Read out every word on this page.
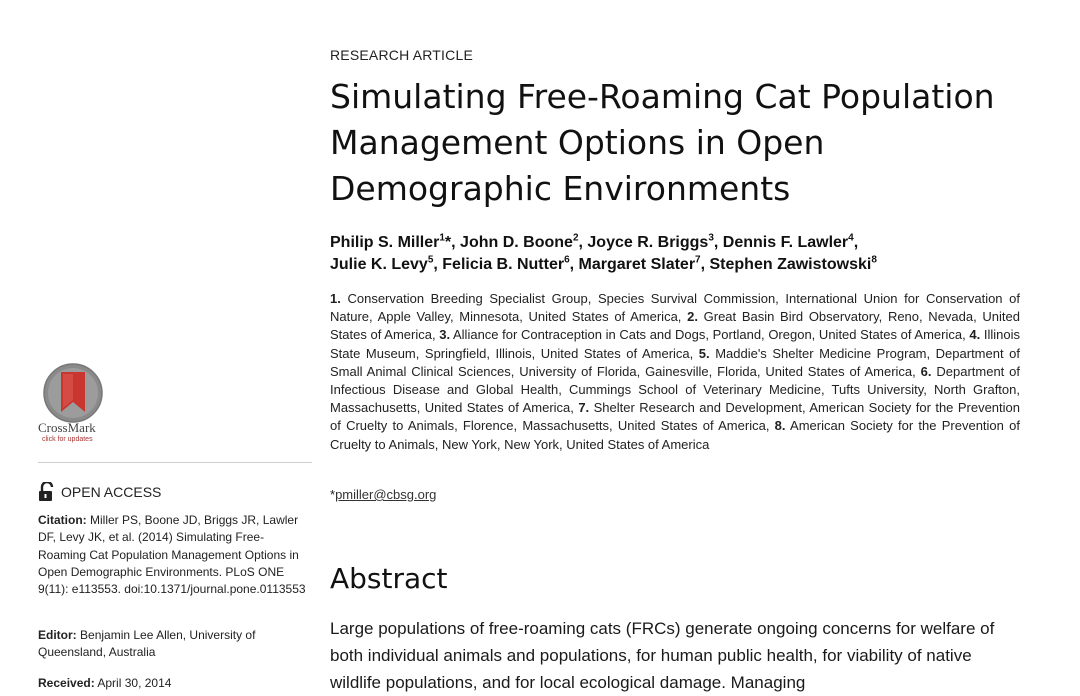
RESEARCH ARTICLE
Simulating Free-Roaming Cat Population Management Options in Open Demographic Environments
Philip S. Miller$^1$*, John D. Boone$^2$, Joyce R. Briggs$^3$, Dennis F. Lawler$^4$,
Julie K. Levy$^5$, Felicia B. Nutter$^6$, Margaret Slater$^7$, Stephen Zawistowski$^8$
1. Conservation Breeding Specialist Group, Species Survival Commission, International Union for Conservation of Nature, Apple Valley, Minnesota, United States of America, 2. Great Basin Bird Observatory, Reno, Nevada, United States of America, 3. Alliance for Contraception in Cats and Dogs, Portland, Oregon, United States of America, 4. Illinois State Museum, Springfield, Illinois, United States of America, 5. Maddie's Shelter Medicine Program, Department of Small Animal Clinical Sciences, University of Florida, Gainesville, Florida, United States of America, 6. Department of Infectious Disease and Global Health, Cummings School of Veterinary Medicine, Tufts University, North Grafton, Massachusetts, United States of America, 7. Shelter Research and Development, American Society for the Prevention of Cruelty to Animals, Florence, Massachusetts, United States of America, 8. American Society for the Prevention of Cruelty to Animals, New York, New York, United States of America
*pmiller@cbsg.org
Abstract
Large populations of free-roaming cats (FRCs) generate ongoing concerns for welfare of both individual animals and populations, for human public health, for viability of native wildlife populations, and for local ecological damage. Managing
CrossMark
click for updates
OPEN ACCESS
Citation: Miller PS, Boone JD, Briggs JR, Lawler DF, Levy JK, et al. (2014) Simulating Free-Roaming Cat Population Management Options in Open Demographic Environments. PLoS ONE 9(11): e113553. doi:10.1371/journal.pone.0113553
Editor: Benjamin Lee Allen, University of Queensland, Australia
Received: April 30, 2014
